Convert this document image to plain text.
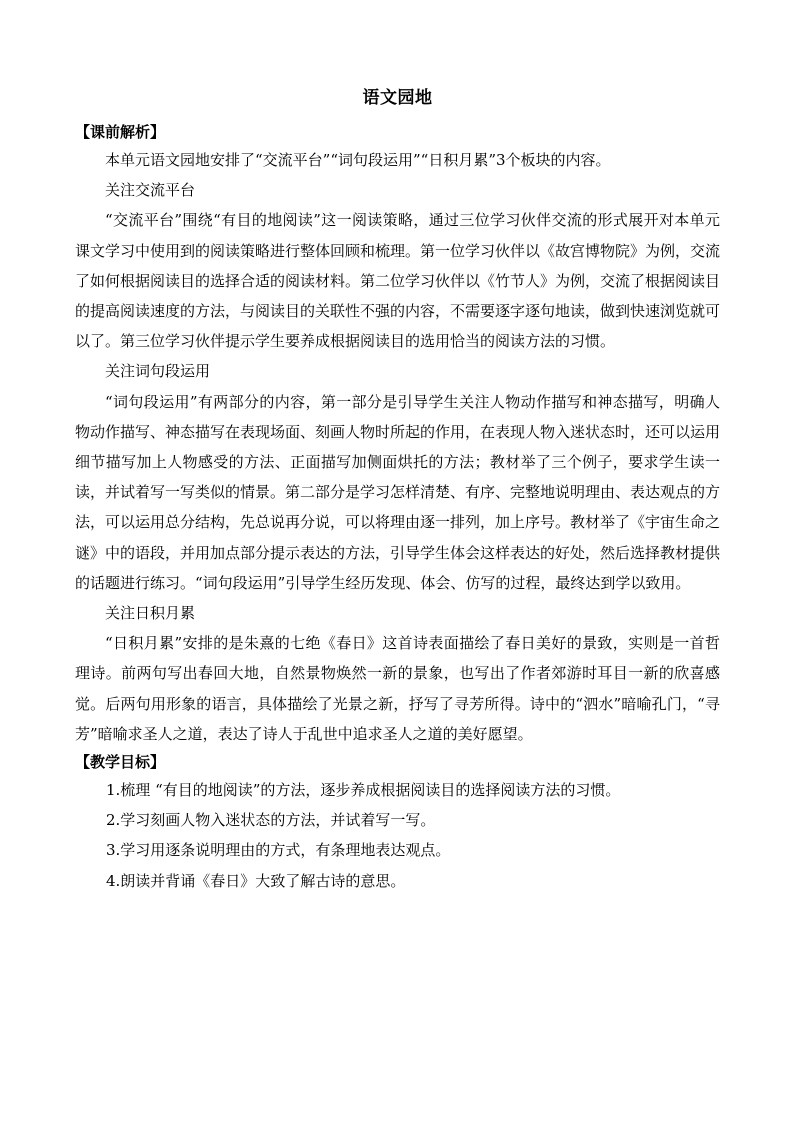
语文园地
【课前解析】

本单元语文园地安排了“交流平台”“词句段运用”“日积月累”3个板块的内容。

关注交流平台

“交流平台”围绕“有目的地阅读”这一阅读策略，通过三位学习伙伴交流的形式展开对本单元课文学习中使用到的阅读策略进行整体回顾和梳理。第一位学习伙伴以《故宫博物院》为例，交流了如何根据阅读目的选择合适的阅读材料。第二位学习伙伴以《竹节人》为例，交流了根据阅读目的提高阅读速度的方法，与阅读目的关联性不强的内容，不需要逐字逐句地读，做到快速浏览就可以了。第三位学习伙伴提示学生要养成根据阅读目的选用恰当的阅读方法的习惯。

关注词句段运用

“词句段运用”有两部分的内容，第一部分是引导学生关注人物动作描写和神态描写，明确人物动作描写、神态描写在表现场面、刻画人物时所起的作用，在表现人物入迷状态时，还可以运用细节描写加上人物感受的方法、正面描写加侧面烘托的方法；教材举了三个例子，要求学生读一读，并试着写一写类似的情景。第二部分是学习怎样清楚、有序、完整地说明理由、表达观点的方法，可以运用总分结构，先总说再分说，可以将理由逐一排列，加上序号。教材举了《宇宙生命之谜》中的语段，并用加点部分提示表达的方法，引导学生体会这样表达的好处，然后选择教材提供的话题进行练习。“词句段运用”引导学生经历发现、体会、仿写的过程，最终达到学以致用。

关注日积月累

“日积月累”安排的是朱熹的七绝《春日》这首诗表面描绘了春日美好的景致，实则是一首哲理诗。前两句写出春回大地，自然景物焕然一新的景象，也写出了作者郊游时耳目一新的欣喜感觉。后两句用形象的语言，具体描绘了光景之新，抒写了寻芳所得。诗中的“泗水”暗喻孔门，“寻芳”暗喻求圣人之道，表达了诗人于乱世中追求圣人之道的美好愿望。

【教学目标】

1.梳理 “有目的地阅读”的方法，逐步养成根据阅读目的选择阅读方法的习惯。

2.学习刻画人物入迷状态的方法，并试着写一写。

3.学习用逐条说明理由的方式，有条理地表达观点。

4.朗读并背诵《春日》大致了解古诗的意思。
